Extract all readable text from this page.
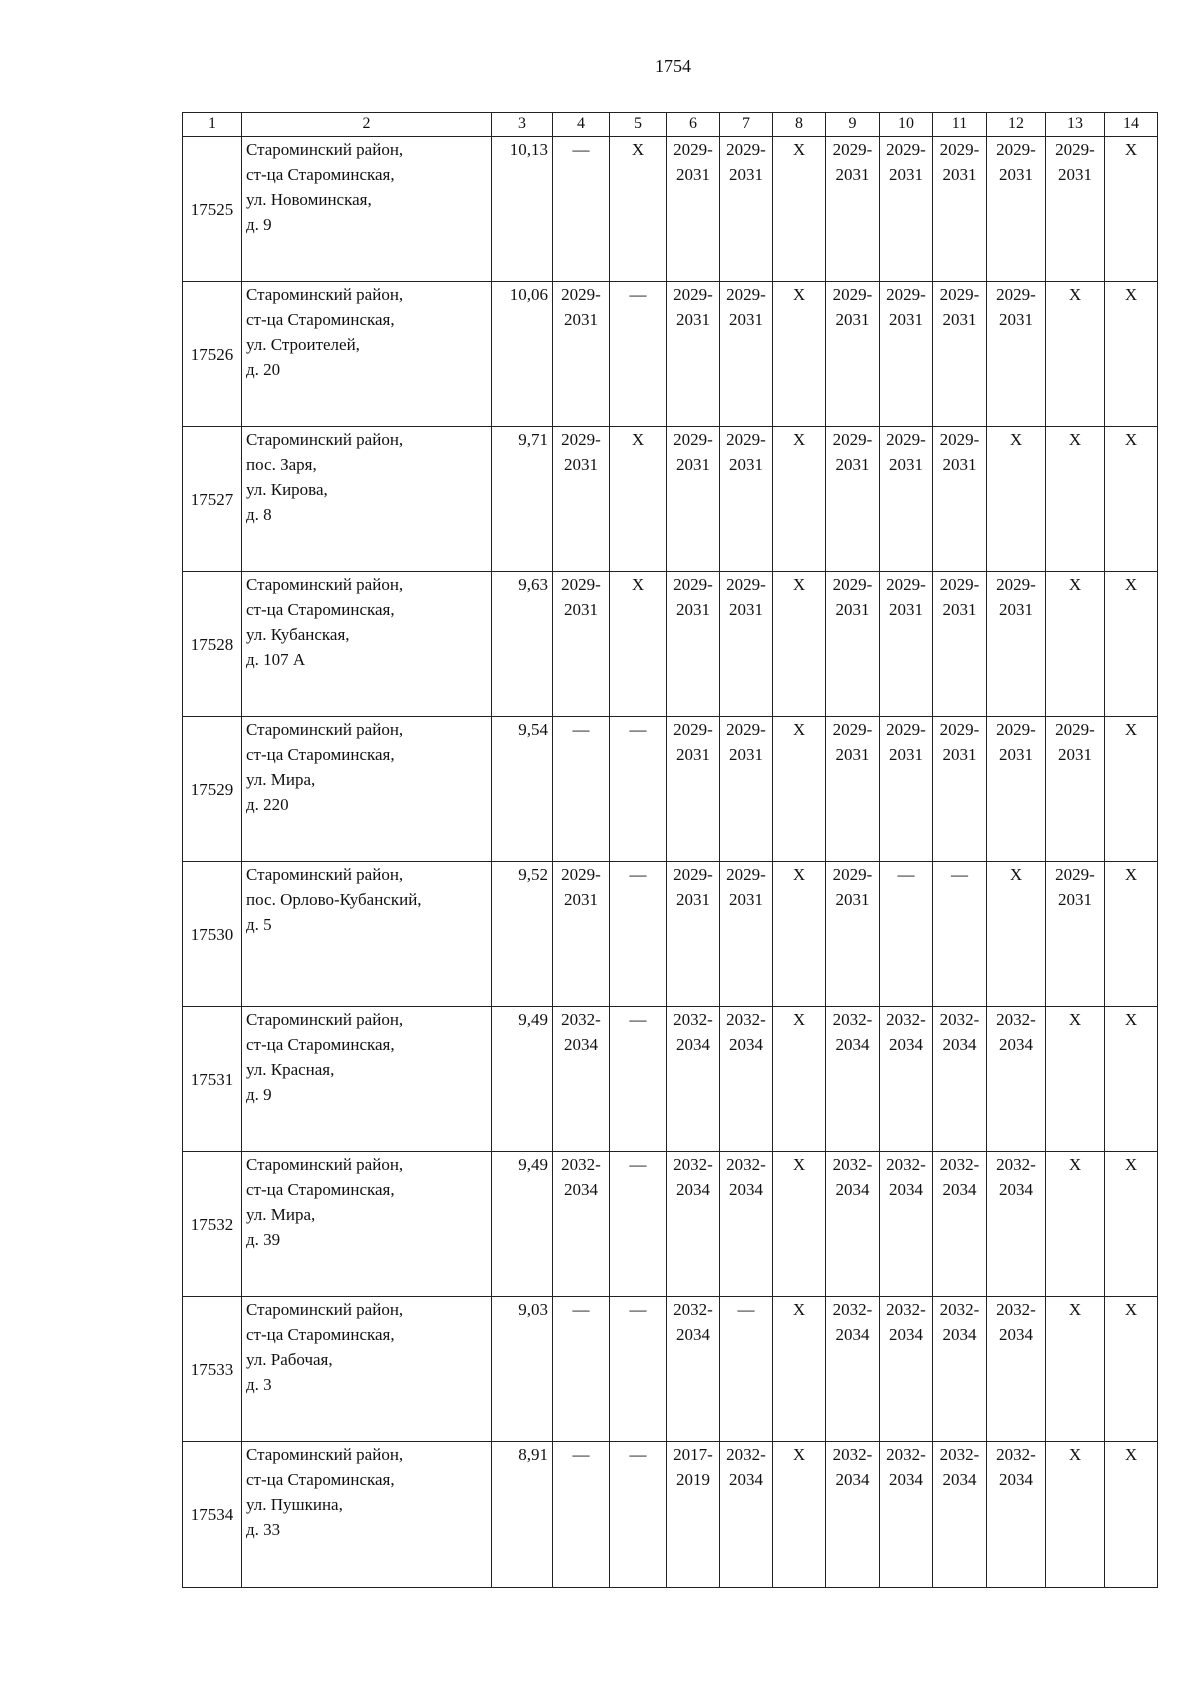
1754
1	2	3	4	5	6	7	8	9	10	11	12	13	14
17525	Староминский район,
ст-ца Староминская,
ул. Новоминская,
д. 9	10,13	—	Х	2029-
2031	2029-
2031	Х	2029-
2031	2029-
2031	2029-
2031	2029-
2031	2029-
2031	Х

17526	Староминский район,
ст-ца Староминская,
ул. Строителей,
д. 20	10,06	2029-
2031	—	2029-
2031	2029-
2031	Х	2029-
2031	2029-
2031	2029-
2031	2029-
2031	Х	Х

17527	Староминский район,
пос. Заря,
ул. Кирова,
д. 8	9,71	2029-
2031	Х	2029-
2031	2029-
2031	Х	2029-
2031	2029-
2031	2029-
2031	Х	Х	Х

17528	Староминский район,
ст-ца Староминская,
ул. Кубанская,
д. 107 А	9,63	2029-
2031	Х	2029-
2031	2029-
2031	Х	2029-
2031	2029-
2031	2029-
2031	2029-
2031	Х	Х

17529	Староминский район,
ст-ца Староминская,
ул. Мира,
д. 220	9,54	—	—	2029-
2031	2029-
2031	Х	2029-
2031	2029-
2031	2029-
2031	2029-
2031	2029-
2031	Х

17530	Староминский район,
пос. Орлово-Кубанский,
д. 5	9,52	2029-
2031	—	2029-
2031	2029-
2031	Х	2029-
2031	—	—	Х	2029-
2031	Х

17531	Староминский район,
ст-ца Староминская,
ул. Красная,
д. 9	9,49	2032-
2034	—	2032-
2034	2032-
2034	Х	2032-
2034	2032-
2034	2032-
2034	2032-
2034	Х	Х

17532	Староминский район,
ст-ца Староминская,
ул. Мира,
д. 39	9,49	2032-
2034	—	2032-
2034	2032-
2034	Х	2032-
2034	2032-
2034	2032-
2034	2032-
2034	Х	Х

17533	Староминский район,
ст-ца Староминская,
ул. Рабочая,
д. 3	9,03	—	—	2032-
2034	—	Х	2032-
2034	2032-
2034	2032-
2034	2032-
2034	Х	Х

17534	Староминский район,
ст-ца Староминская,
ул. Пушкина,
д. 33	8,91	—	—	2017-
2019	2032-
2034	Х	2032-
2034	2032-
2034	2032-
2034	2032-
2034	Х	Х
